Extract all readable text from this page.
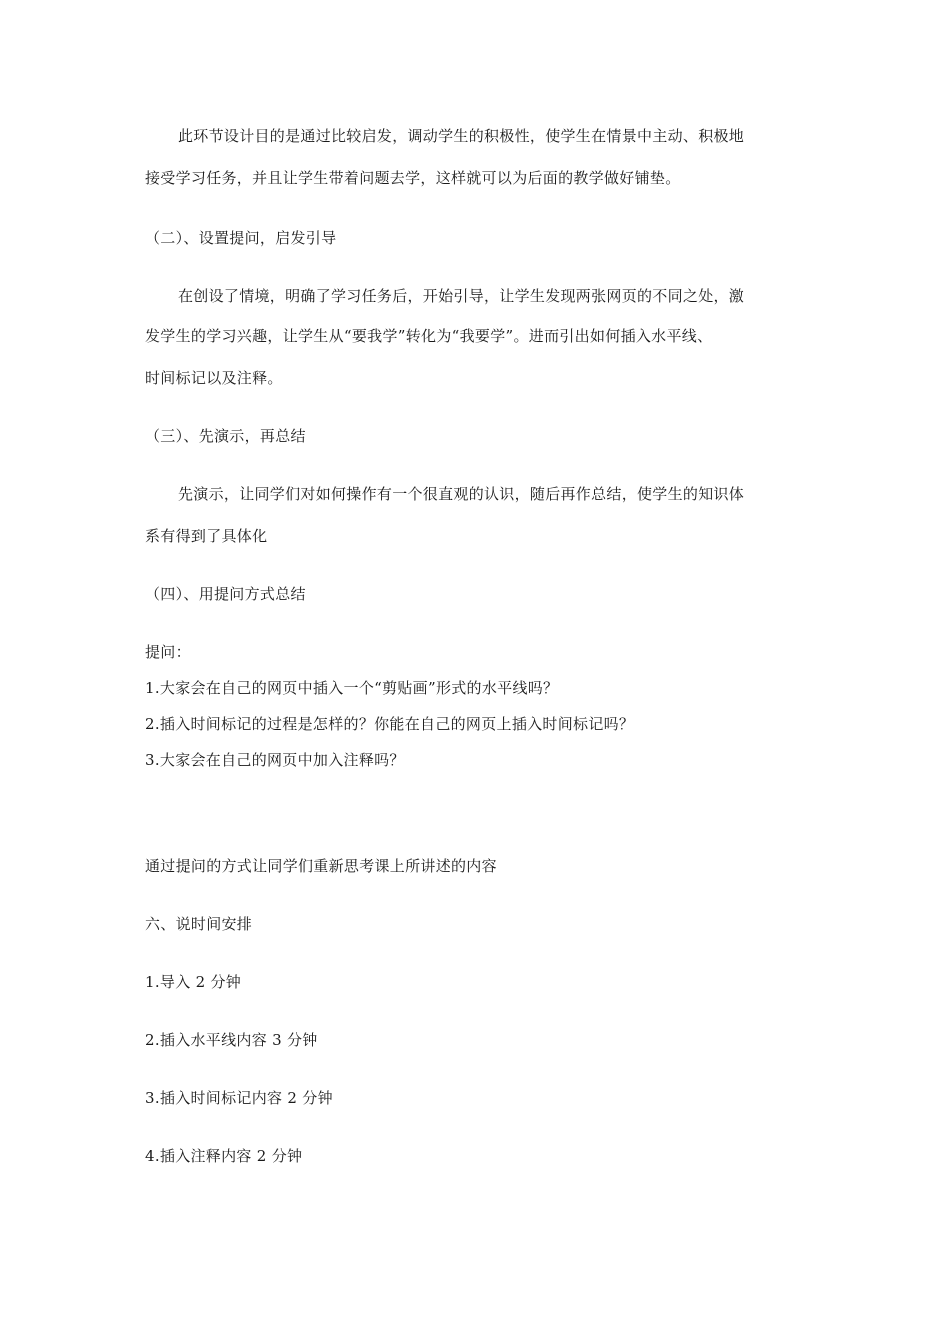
此环节设计目的是通过比较启发，调动学生的积极性，使学生在情景中主动、积极地
接受学习任务，并且让学生带着问题去学，这样就可以为后面的教学做好铺垫。
（二）、设置提问，启发引导
在创设了情境，明确了学习任务后，开始引导，让学生发现两张网页的不同之处，激
发学生的学习兴趣，让学生从“要我学”转化为“我要学”。进而引出如何插入水平线、
时间标记以及注释。
（三）、先演示，再总结
先演示，让同学们对如何操作有一个很直观的认识，随后再作总结，使学生的知识体
系有得到了具体化
（四）、用提问方式总结
提问：
1.大家会在自己的网页中插入一个“剪贴画”形式的水平线吗？
2.插入时间标记的过程是怎样的？你能在自己的网页上插入时间标记吗？
3.大家会在自己的网页中加入注释吗？
通过提问的方式让同学们重新思考课上所讲述的内容
六、说时间安排
1.导入 2 分钟
2.插入水平线内容 3 分钟
3.插入时间标记内容 2 分钟
4.插入注释内容 2 分钟
